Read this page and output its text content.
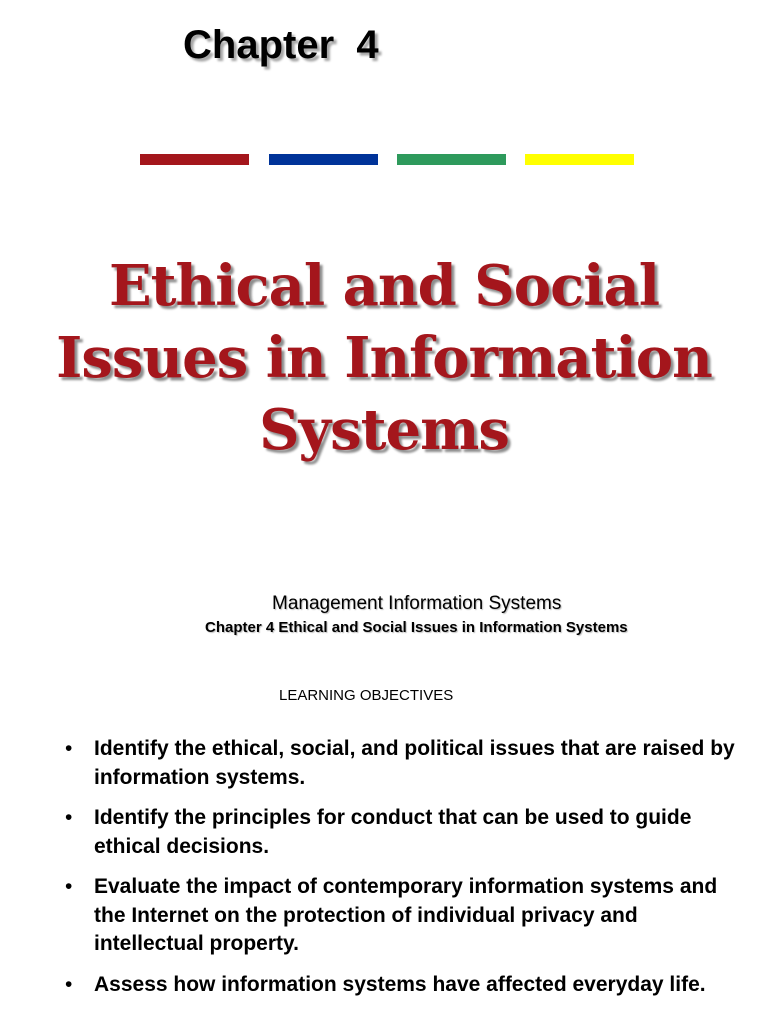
Chapter  4
Ethical and Social
Issues in Information
Systems
Management Information Systems
Chapter 4 Ethical and Social Issues in Information Systems
LEARNING OBJECTIVES
• Identify the ethical, social, and political issues that are raised by information systems.
• Identify the principles for conduct that can be used to guide ethical decisions.
• Evaluate the impact of contemporary information systems and the Internet on the protection of individual privacy and intellectual property.
• Assess how information systems have affected everyday life.
